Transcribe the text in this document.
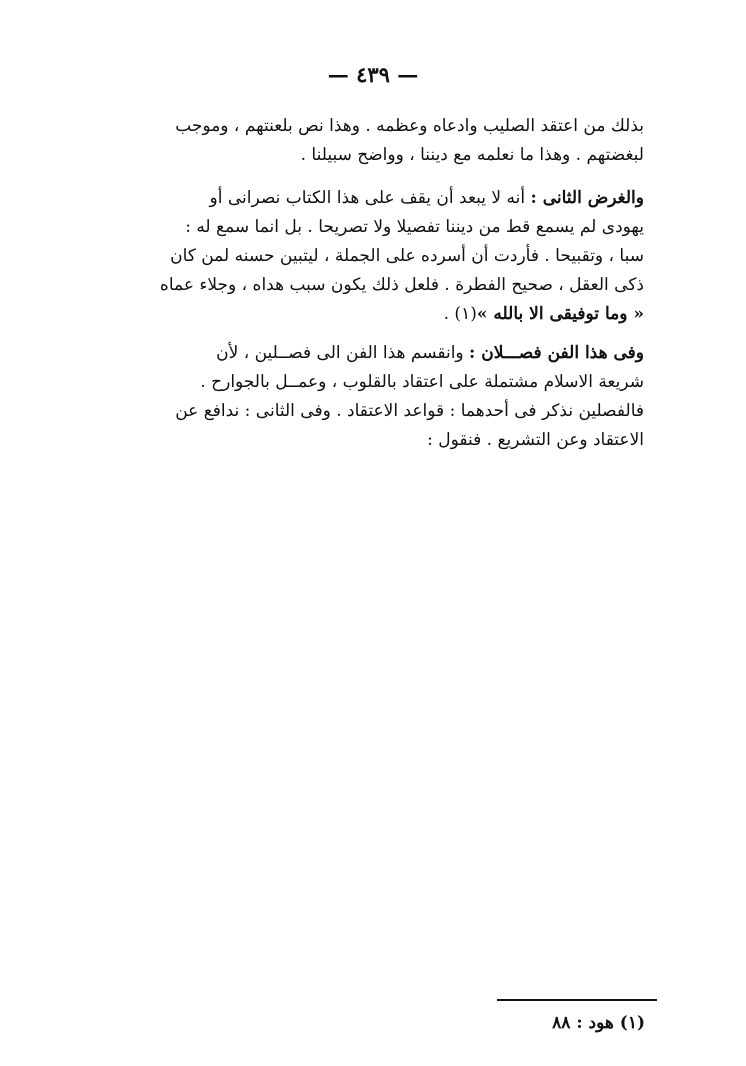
— ٤٣٩ —
بذلك من اعتقد الصليب وادعاه وعظمه . وهذا نص بلعنتهم ، وموجب
لبغضتهم . وهذا ما نعلمه مع ديننا ، وواضح سبيلنا .
والغرض الثانى : أنه لا يبعد أن يقف على هذا الكتاب نصرانى أو
يهودى لم يسمع قط من ديننا تفصيلا ولا تصريحا . بل انما سمع له :
سبا ، وتقبيحا . فأردت أن أسرده على الجملة ، ليتبين حسنه لمن كان
ذكى العقل ، صحيح الفطرة . فلعل ذلك يكون سبب هداه ، وجلاء عماه
« وما توفيقى الا بالله »(١) .
وفى هذا الفن فصـــلان : وانقسم هذا الفن الى فصــلين ، لأن
شريعة الاسلام مشتملة على اعتقاد بالقلوب ، وعمــل بالجوارح .
فالفصلين نذكر فى أحدهما : قواعد الاعتقاد . وفى الثانى : ندافع عن
الاعتقاد وعن التشريع . فنقول :
(١) هود : ٨٨
